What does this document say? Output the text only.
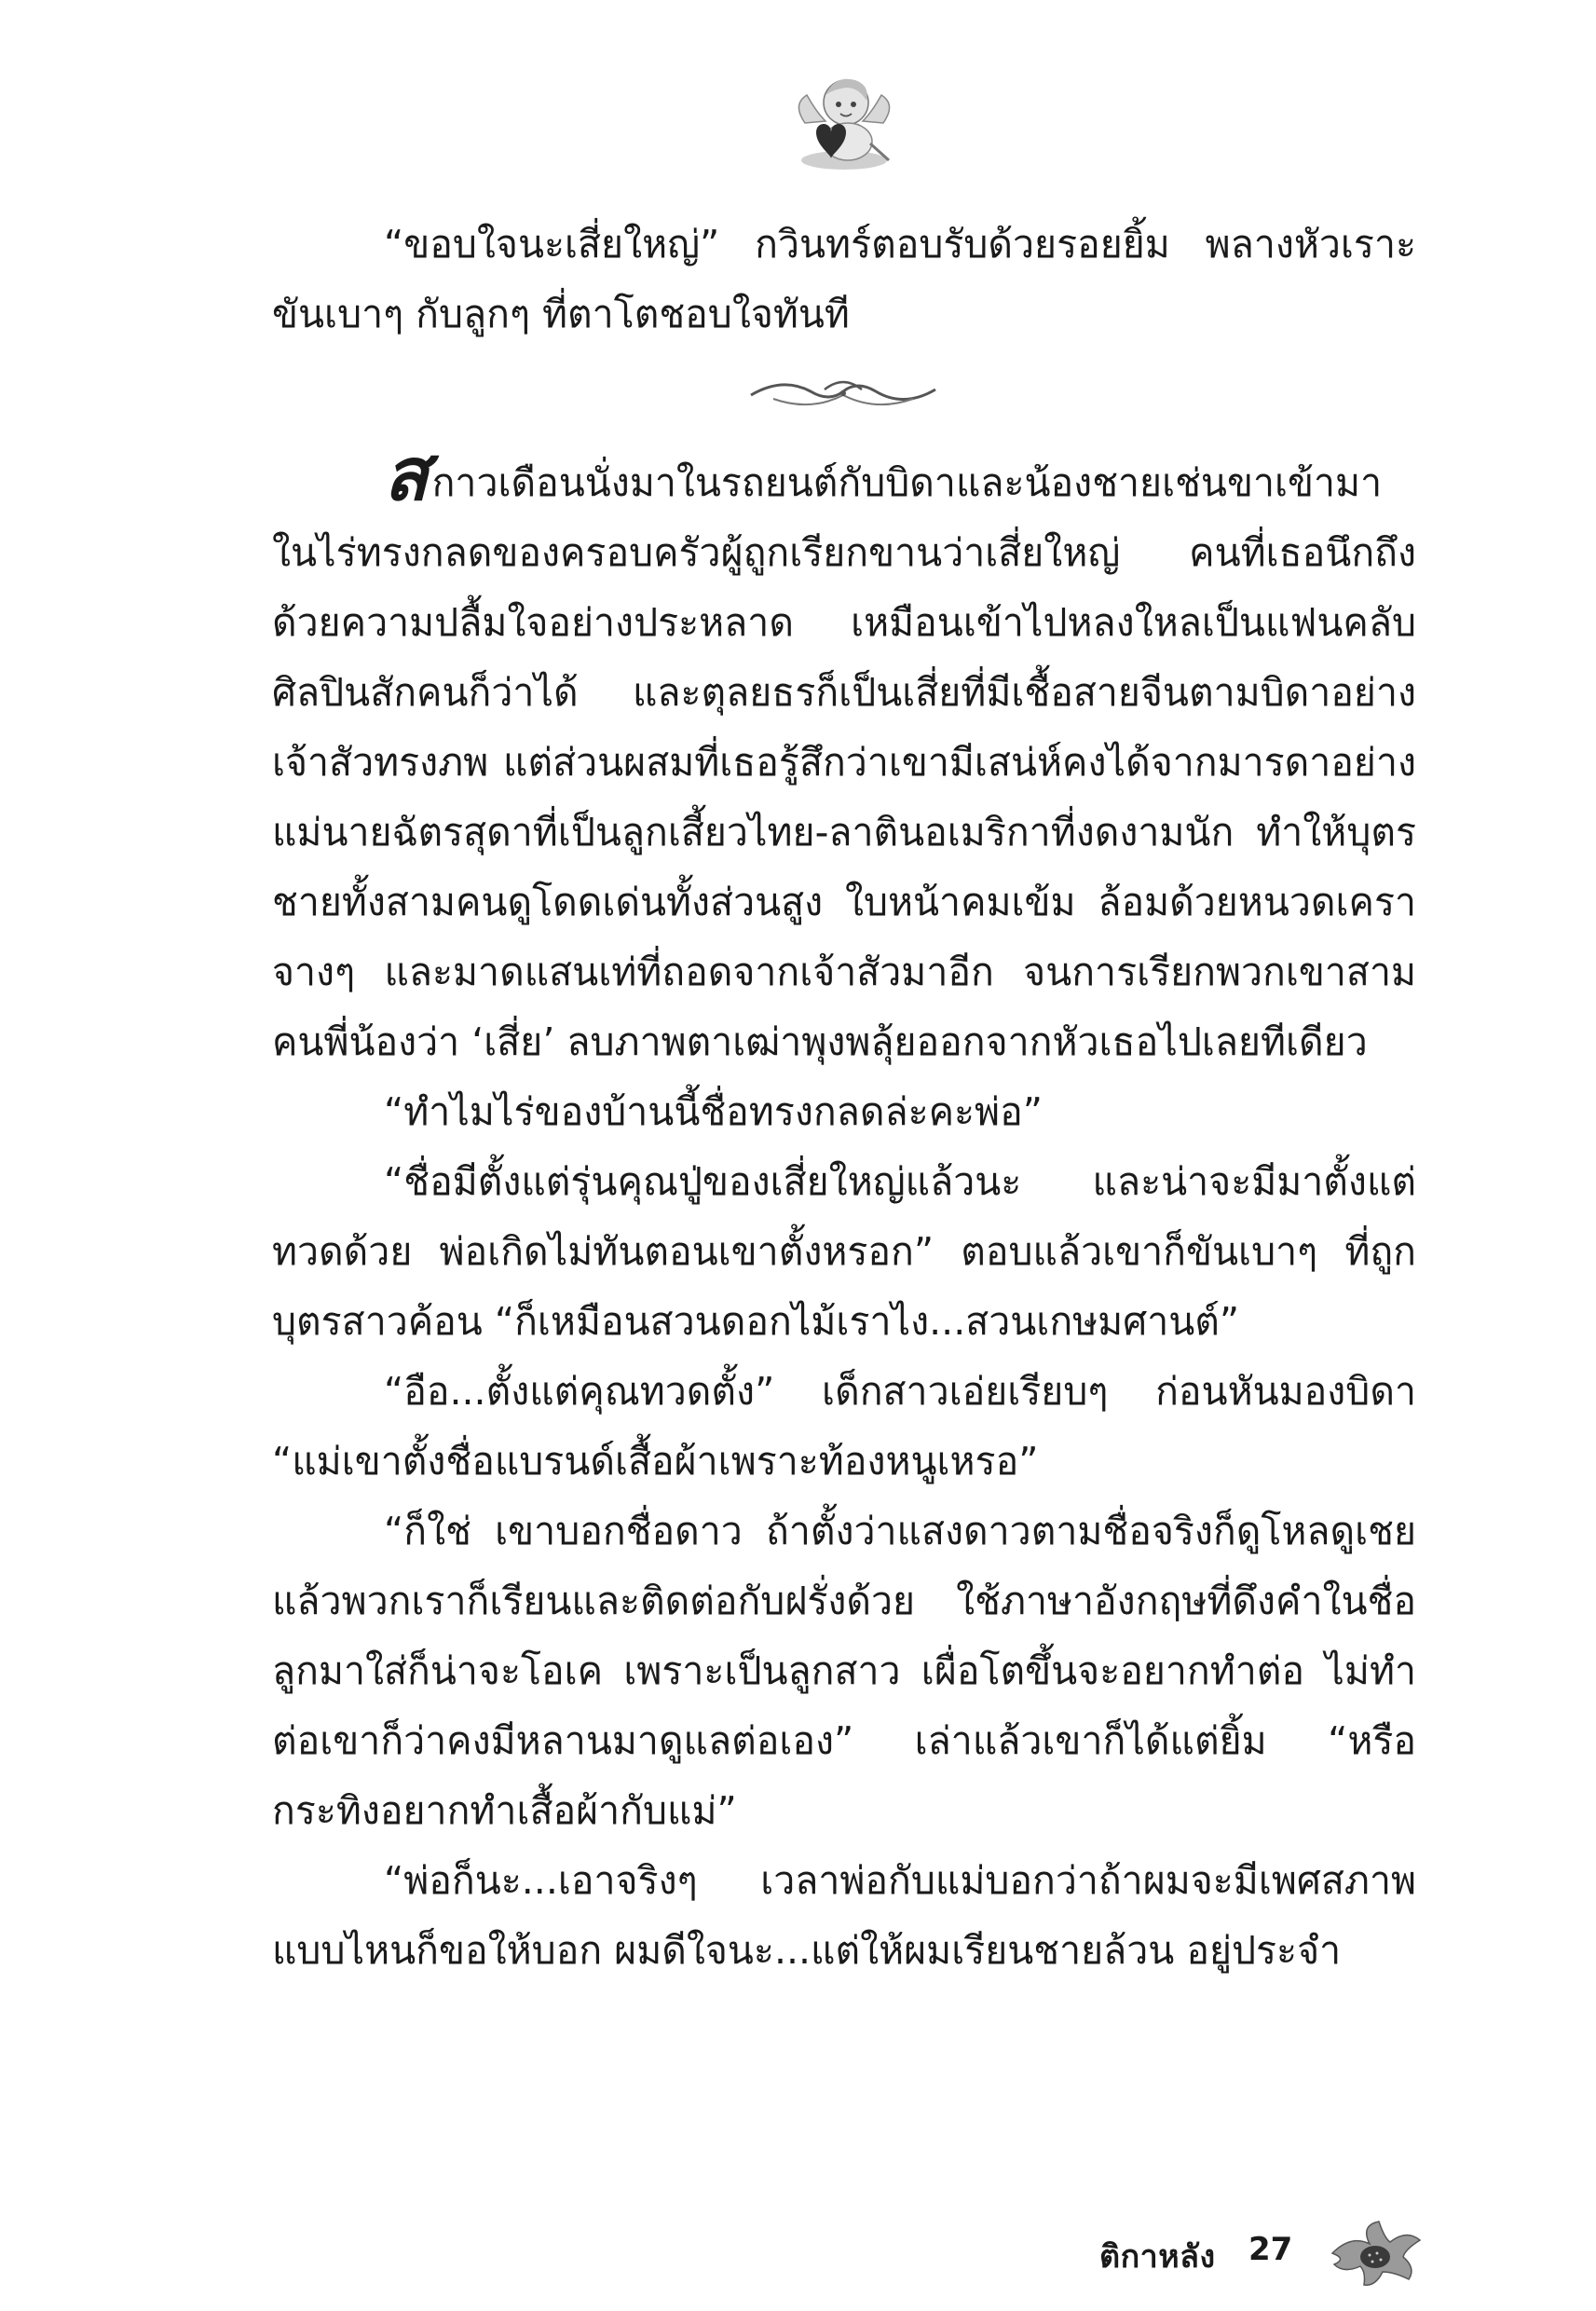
“ขอบใจนะเสี่ยใหญ่” กวินทร์ตอบรับด้วยรอยยิ้ม พลางหัวเราะขันเบาๆ กับลูกๆ ที่ตาโตชอบใจทันที

สกาวเดือนนั่งมาในรถยนต์กับบิดาและน้องชายเช่นขาเข้ามาในไร่ทรงกลดของครอบครัวผู้ถูกเรียกขานว่าเสี่ยใหญ่ คนที่เธอนึกถึงด้วยความปลื้มใจอย่างประหลาด เหมือนเข้าไปหลงใหลเป็นแฟนคลับศิลปินสักคนก็ว่าได้ และตุลยธรก็เป็นเสี่ยที่มีเชื้อสายจีนตามบิดาอย่างเจ้าสัวทรงภพ แต่ส่วนผสมที่เธอรู้สึกว่าเขามีเสน่ห์คงได้จากมารดาอย่างแม่นายฉัตรสุดาที่เป็นลูกเสี้ยวไทย-ลาตินอเมริกาที่งดงามนัก ทำให้บุตรชายทั้งสามคนดูโดดเด่นทั้งส่วนสูง ใบหน้าคมเข้ม ล้อมด้วยหนวดเคราจางๆ และมาดแสนเท่ที่ถอดจากเจ้าสัวมาอีก จนการเรียกพวกเขาสามคนพี่น้องว่า ‘เสี่ย’ ลบภาพตาเฒ่าพุงพลุ้ยออกจากหัวเธอไปเลยทีเดียว

“ทำไมไร่ของบ้านนี้ชื่อทรงกลดล่ะคะพ่อ”

“ชื่อมีตั้งแต่รุ่นคุณปู่ของเสี่ยใหญ่แล้วนะ และน่าจะมีมาตั้งแต่ทวดด้วย พ่อเกิดไม่ทันตอนเขาตั้งหรอก” ตอบแล้วเขาก็ขันเบาๆ ที่ถูกบุตรสาวค้อน “ก็เหมือนสวนดอกไม้เราไง...สวนเกษมศานต์”

“อือ...ตั้งแต่คุณทวดตั้ง” เด็กสาวเอ่ยเรียบๆ ก่อนหันมองบิดา “แม่เขาตั้งชื่อแบรนด์เสื้อผ้าเพราะท้องหนูเหรอ”

“ก็ใช่ เขาบอกชื่อดาว ถ้าตั้งว่าแสงดาวตามชื่อจริงก็ดูโหลดูเชย แล้วพวกเราก็เรียนและติดต่อกับฝรั่งด้วย ใช้ภาษาอังกฤษที่ดึงคำในชื่อลูกมาใส่ก็น่าจะโอเค เพราะเป็นลูกสาว เผื่อโตขึ้นจะอยากทำต่อ ไม่ทำต่อเขาก็ว่าคงมีหลานมาดูแลต่อเอง” เล่าแล้วเขาก็ได้แต่ยิ้ม “หรือกระทิงอยากทำเสื้อผ้ากับแม่”

“พ่อก็นะ...เอาจริงๆ เวลาพ่อกับแม่บอกว่าถ้าผมจะมีเพศสภาพแบบไหนก็ขอให้บอก ผมดีใจนะ...แต่ให้ผมเรียนชายล้วน อยู่ประจำ

ติกาหลัง 27
